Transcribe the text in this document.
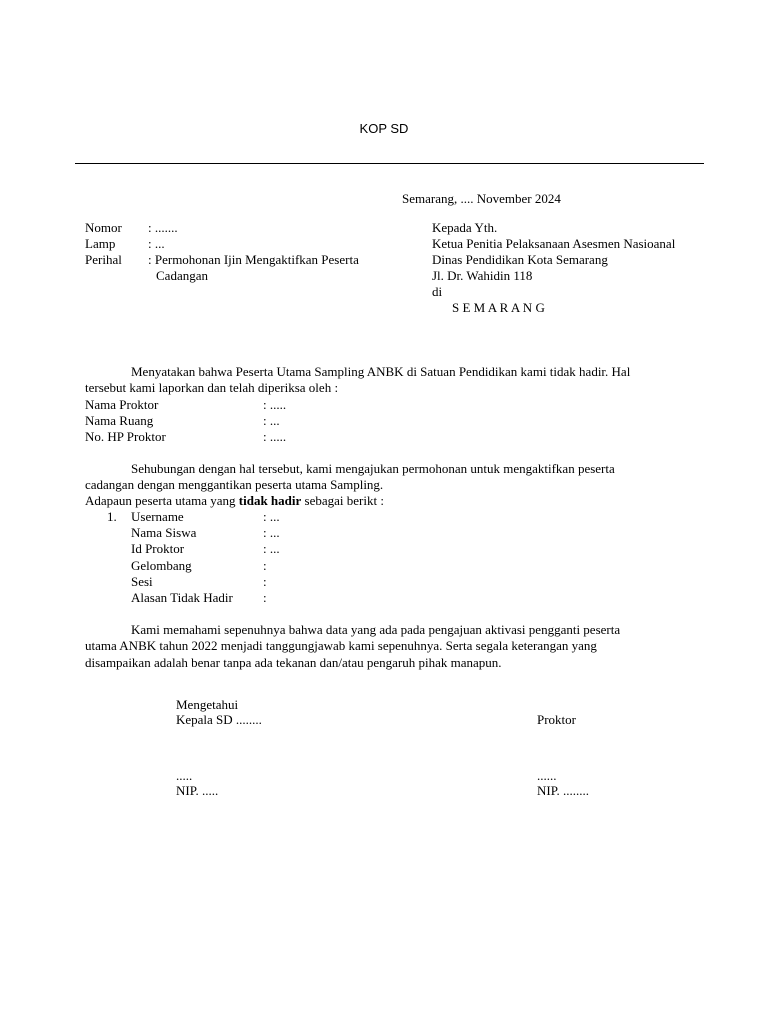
KOP SD
Semarang, .... November 2024
Nomor : .......
Lamp	: ...
Perihal : Permohonan Ijin Mengaktifkan Peserta
Cadangan
Kepada Yth.
Ketua Penitia Pelaksanaan Asesmen Nasioanal
Dinas Pendidikan Kota Semarang
Jl. Dr. Wahidin 118
di
S E M A R A N G
Menyatakan bahwa Peserta Utama Sampling ANBK di Satuan Pendidikan kami tidak hadir. Hal
tersebut kami laporkan dan telah diperiksa oleh :
Nama Proktor	: .....
Nama Ruang	: ...
No. HP Proktor	: .....
Sehubungan dengan hal tersebut, kami mengajukan permohonan untuk mengaktifkan peserta
cadangan dengan menggantikan peserta utama Sampling.
Adapaun peserta utama yang tidak hadir sebagai berikt :
1. Username	: ...
Nama Siswa	: ...
Id Proktor	: ...
Gelombang	:
Sesi	:
Alasan Tidak Hadir :
Kami memahami sepenuhnya bahwa data yang ada pada pengajuan aktivasi pengganti peserta
utama ANBK tahun 2022 menjadi tanggungjawab kami sepenuhnya. Serta segala keterangan yang
disampaikan adalah benar tanpa ada tekanan dan/atau pengaruh pihak manapun.
Mengetahui
Kepala SD ........
.....
NIP. .....
Proktor
......
NIP. ........
